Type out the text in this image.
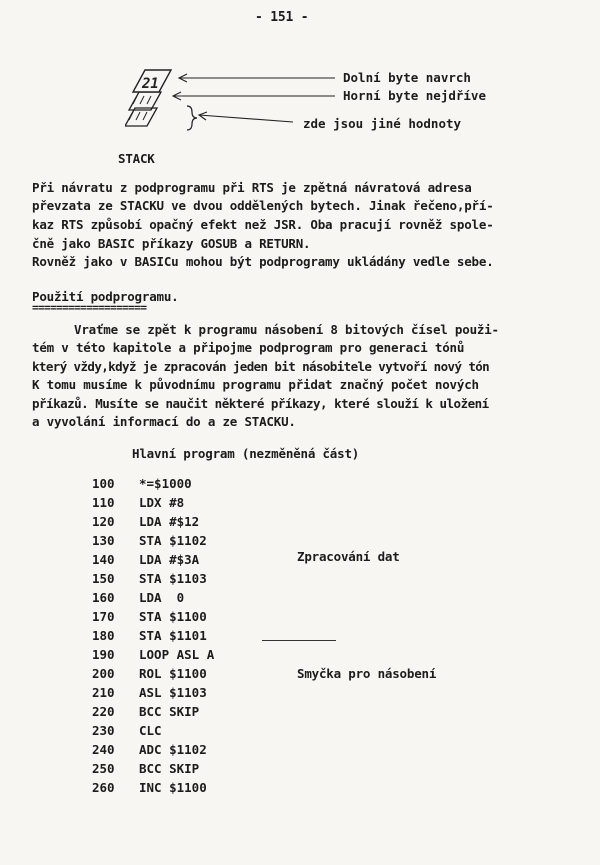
- 151 -
21	Dolní byte navrch
Horní byte nejdříve
zde jsou jiné hodnoty
STACK
Při návratu z podprogramu při RTS je zpětná návratová adresa
převzata ze STACKU ve dvou oddělených bytech. Jinak řečeno,pří-
kaz RTS způsobí opačný efekt než JSR. Oba pracují rovněž spole-
čně jako BASIC příkazy GOSUB a RETURN.
Rovněž jako v BASICu mohou být podprogramy ukládány vedle sebe.
Použití podprogramu.
===================
Vraťme se zpět k programu násobení 8 bitových čísel použi-
tém v této kapitole a připojme podprogram pro generaci tónů
který vždy,když je zpracován jeden bit násobitele vytvoří nový tón
K tomu musíme k původnímu programu přidat značný počet nových
příkazů. Musíte se naučit některé příkazy, které slouží k uložení
a vyvolání informací do a ze STACKU.
Hlavní program (nezměněná část)
100 *=$1000
110 LDX #8
120 LDA #$12
130 STA $1102
140 LDA #$3A	Zpracování dat
150 STA $1103
160 LDA  0
170 STA $1100
180 STA $1101
190 LOOP ASL A
200 ROL $1100	Smyčka pro násobení
210 ASL $1103
220 BCC SKIP
230 CLC
240 ADC $1102
250 BCC SKIP
260 INC $1100
